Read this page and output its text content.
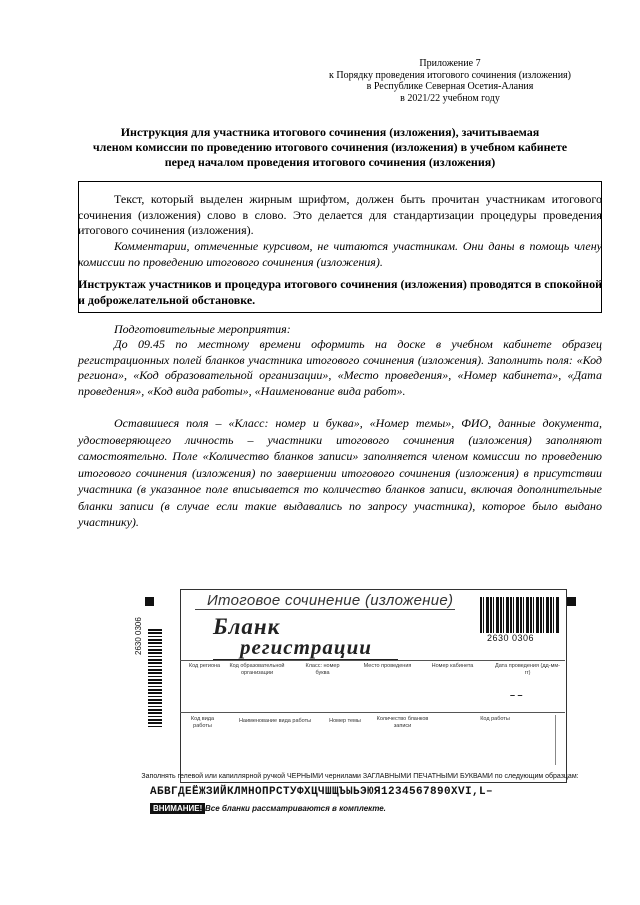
Приложение 7
к Порядку проведения итогового сочинения (изложения)
в Республике Северная Осетия-Алания
в 2021/22 учебном году
Инструкция для участника итогового сочинения (изложения), зачитываемая
членом комиссии по проведению итогового сочинения (изложения) в учебном кабинете
перед началом проведения итогового сочинения (изложения)
Текст, который выделен жирным шрифтом, должен быть прочитан участникам итогового сочинения (изложения) слово в слово. Это делается для стандартизации процедуры проведения итогового сочинения (изложения).
Комментарии, отмеченные курсивом, не читаются участникам. Они даны в помощь члену комиссии по проведению итогового сочинения (изложения).
Инструктаж участников и процедура итогового сочинения (изложения) проводятся в спокойной и доброжелательной обстановке.
Подготовительные мероприятия:
До 09.45 по местному времени оформить на доске в учебном кабинете образец регистрационных полей бланков участника итогового сочинения (изложения). Заполнить поля: «Код региона», «Код образовательной организации», «Место проведения», «Номер кабинета», «Дата проведения», «Код вида работы», «Наименование вида работ».
Оставшиеся поля – «Класс: номер и буква», «Номер темы», ФИО, данные документа, удостоверяющего личность – участники итогового сочинения (изложения) заполняют самостоятельно. Поле «Количество бланков записи» заполняется членом комиссии по проведению итогового сочинения (изложения) по завершении итогового сочинения (изложения) в присутствии участника (в указанное поле вписывается то количество бланков записи, включая дополнительные бланки записи (в случае если такие выдавались по запросу участника), которое было выдано участнику).
Итоговое сочинение (изложение)
Бланк
регистрации	2630 0306
2630 0306
Код региона	Код образовательной организации
Класс: номер буква
Место проведения	Номер кабинета	Дата проведения (дд-мм-гг)
– –
Код вида работы
Наименование вида работы	Номер темы	Количество бланков записи
Код работы
Заполнять гелевой или капиллярной ручкой ЧЕРНЫМИ чернилами ЗАГЛАВНЫМИ ПЕЧАТНЫМИ БУКВАМИ по следующим образцам:
АБВГДЕЁЖЗИЙКЛМНОПРСТУФХЦЧШЩЪЫЬЭЮЯ1234567890XVI,L–
ВНИМАНИЕ! Все бланки рассматриваются в комплекте.
